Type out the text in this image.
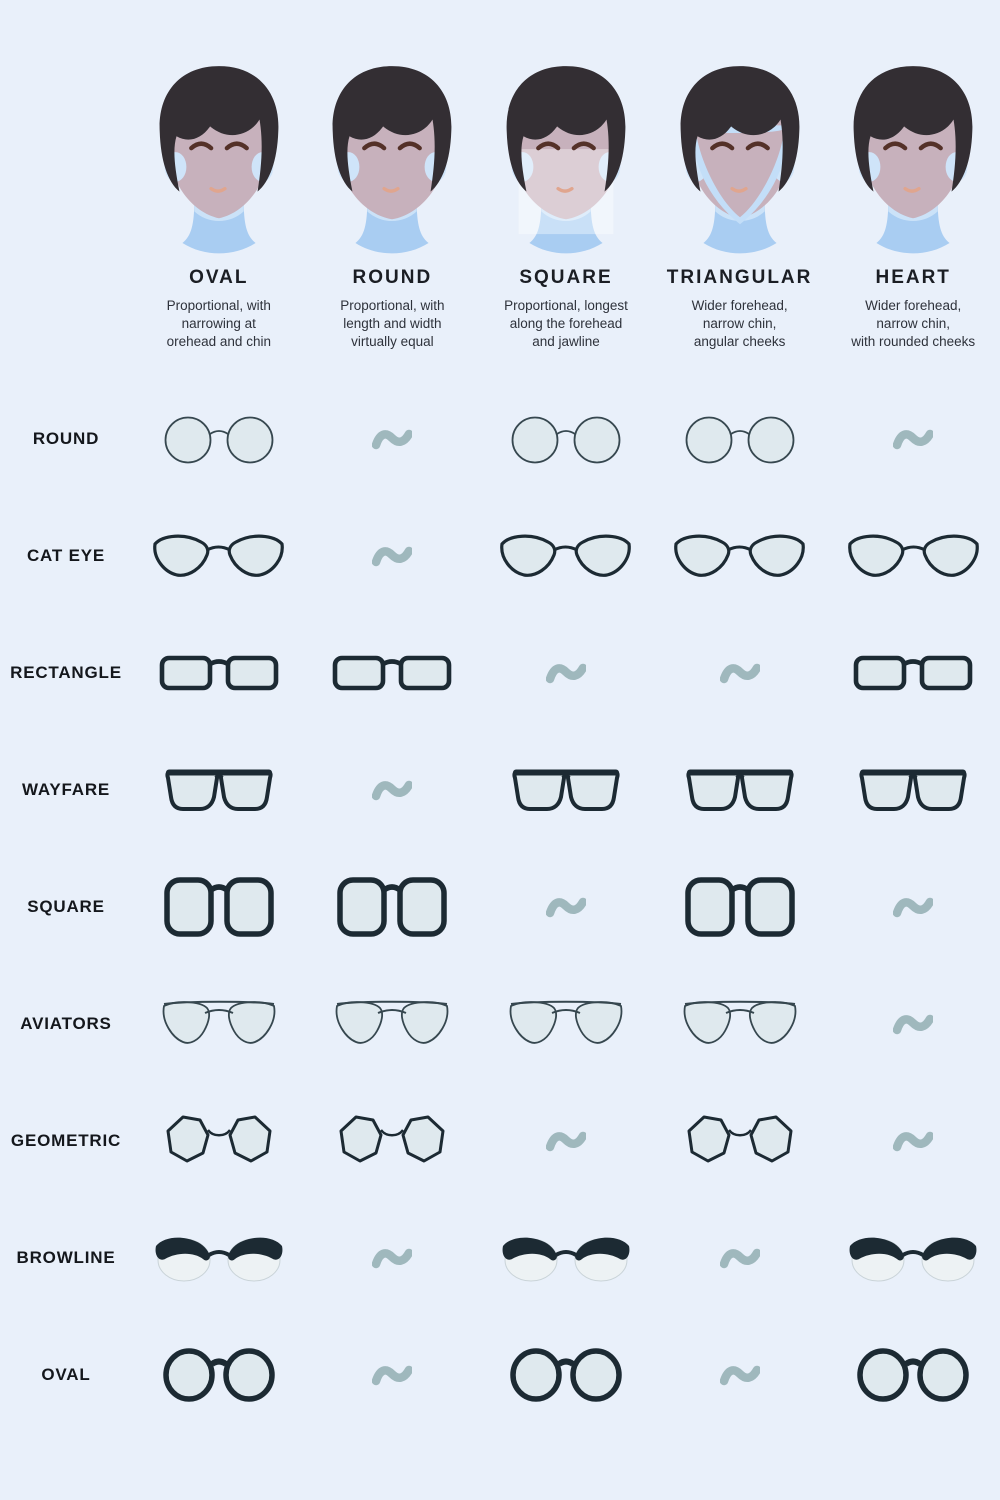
OVAL
Proportional, with
narrowing at
orehead and chin
ROUND
Proportional, with
length and width
virtually equal
SQUARE
Proportional, longest
along the forehead
and jawline
TRIANGULAR
Wider forehead,
narrow chin,
angular cheeks
HEART
Wider forehead,
narrow chin,
with rounded cheeks
ROUND
CAT EYE
RECTANGLE
WAYFARE
SQUARE
AVIATORS
GEOMETRIC
BROWLINE
OVAL
